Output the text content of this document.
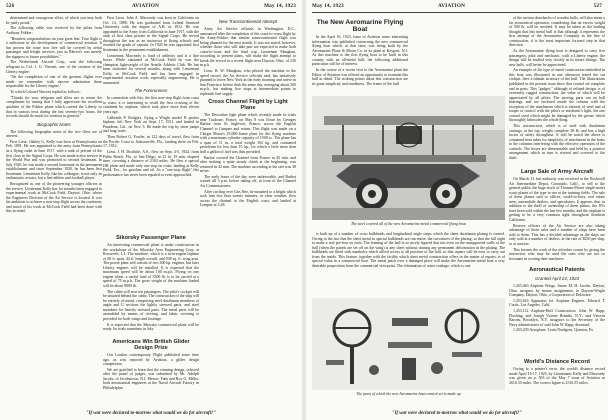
526	AVIATION	May 14, 1923

determined and courageous effort, of which you may both be justly proud."

The following cable was received by the pilots from Anthony Fokker:

"Heartiest congratulations on your great feat. Your flight is a milestone in the development of commercial aviation. It has proven the route now free will be covered by aerial passenger and freight services, just as Bleriot's was merely the signpost to future possibilities."

The Netherlands Aircraft Corp., sent the following telegram to Col. J. G. Vincent, one of the creators of the Liberty engine:

"On the completion of one of the greatest flights ever made we remember with sincere admiration those responsible for the Liberty engine."

To which Colonel Vincent replied as follows:

"Thanks for your telegram and allow me to return the compliment by stating that I fully appreciate the excellent qualities of the Fokker plane which carried the Liberty so that in various tests during the last seventy-two hours, the records should do much for aviation in general."

Biographic Notes

The following biographic notes of the two fliers are of interest:

First Lieut. Oakley G. Kelly was born at Pennsylvania on Feb. 1891. He was appointed to the army from Pennsylvania as a flying cadet in June 1917, with a rank of private of the first class in the Signal Corps. He was made active service in the World War and was promoted to second lieutenant. In July 1920, he was made a second lieutenant in the permanent establishment and since September 1920, he has been first lieutenant. Lieutenant Kelly, like his colleague, is not only an enthusiastic aviator, but a fine athlete and football player.

Recognized as one of the pioneering younger officers in the service. Lieutenant Kelly has for months been engaged in experimental work at McCook Field, Dayton, Ohio, where the Engineers Division of the Air Service is located. It was his ambition to achieve a non-stop flight across the continent, and much of his work at McCook Field had been done with this in mind.

First Lieut. John A. Macready was born in California on Oct. 14, 1888. He was graduated from Leland Stanford University with the degree of A.B. in 1912. He was appointed to the Army from California in June 1917, with the rank of first class private in the Signal Corps. He served throughout the war as an instructor at flying schools and reached the grade of captain. In 1920 he was appointed first lieutenant in the permanent establishment.

Lieutenant Macready is fond of athletics and is a fine boxer. While stationed at McCook Field he was the champion lightweight of the Seattle Athletic Club. He has been stationed for several months, along with Lieutenant Kelly, at McCook Field and has been engaged in experimental aviation work, especially engineering. He is unmarried.

The Forerunners

In connection with this, the first non-stop flight from coast to coast, it is interesting to recall the first crossing of the continent by airplane, which took place more than eleven years ago.

Calbraith P. Rodgers, flying a Wright model B pusher biplane, left New York on Sept. 17, 1911, and landed in Pasadena, Cal., on Nov. 5. He made the trip by short jumps and long waits.

Then Robert G. Fowler, in 122 days of travel, flew from the Pacific Coast to Jacksonville, Fla., landing there on Feb. 17, 1912.

Lieut. J. H. Doolittle, A.S., flew on Sept. 4-5, 1922, from Pablo Beach, Fla., to San Diego, in 21 hr. 19 min. elapsed time, covering a distance of 2163 miles. He flew a special DH plane and made only one stop en route, landing at Kelly Field, Tex., for gasoline and oil. As a "one-stop flight" this performance has never been equaled or even approached.

New Transcontinental Attempt

Army Air Service officials in Washington, D.C., announced after the completion of the coast-to-coast flight by the Army-Fokker that similar transcontinental flight was being planned for the next month. It was not stated, however, whether those who will take part are expected to make both coast-to-coast and the final trip. Lieutenant Maughan, according to present plans, will make the flight attempt to break the record in a recent flight near Dayton, Ohio, of 236 m.p.h.

Lieut. R. W. Maughan, who piloted the machine in the speed record, the Air Service officials said, has tentatively planned to leave New York in the early morning and arrive in San Francisco before dark the same day, averaging about 200 m.p.h., but making five stops at intermediate points to replenish fuel supply.

Cross Channel Flight by Light Plane

The Dewoitine light plane which recently made its trials near Toulouse, France, on May 8 was flown by Georges Barbot from St. Inglevert, France, across the English Channel to Lympne and return. This flight was made on a Clerget Moire's 25,000-frame plant for the flying machine with a maximum cylinder capacity of 1500 cc. The plane has a span of 11 m, a total weight 102 kg, and consumed petroleum for less than 15 hp., for which a little more than half a gallon of fuel was thus provided.

Barbot crossed the Channel from France in 45 min. and after making a quite steady climb at the beginning, was returned in 42 min. The machine ascending at the rate was 38 m/sec.

The early hours of the day were unfavorable, and Barbot waited till 3 p.m. before taking off, in front of the Channel Air Commissioners.

After circling over Gris Nez, he mounted to a height which took him less than twenty minutes, in clear weather, flew across the channel to the English coast, and landed at Lympne at 3:28.

Sikorsky Passenger Plane

An interesting commercial plane is under construction in the workshops of the Sikorsky Aero Engineering Corp. at Roosevelt, L.I. The machine, which is a twin-engine biplane of 68 ft. span, 44 ft. length overall, and 938 sq. ft. wing area. The power plant will consist of two 300 hp. engines, but later Liberty engines will be installed. It is expected that the maximum speed will be about 100 m.p.h. Flying on one engine alone, a useful load of 3500 lb. is to be carried at a speed of 75 m.p.h. The gross weight of the machine loaded will be about 9000 lb.

The cabin will seat ten passengers. The pilot's cockpit will be situated behind the cabin. The construction of the ship will be entirely of metal, comprising steel duralumin members of angle and U sections the lightly stressed parts, and steel members for heavily stressed parts. The metal parts will be assembled by means of riveting, and fabric covering is provided for both wings and fuselage.

It is expected that the Sikorsky commercial plane will be ready for trials sometime in July.

Americans Win British Glider Design Prize

Our London contemporary Flight published some time ago, as was reported by Aviation, a glider design competition.

We are gratified to learn that the winning design, selected after the panel of judges, was submitted by Mr. Adolph Jacobs, of Jacobstown, N.J. Messrs. Fahs and Roy G. Miller, both aeronautical engineers at the Naval Aircraft Factory in Philadelphia.

"If war were declared to-morrow what would we do for aircraft?"
May 14, 1923	AVIATION	527
The New Aeromarine Flying Boat

In the April 16, 1923, issue of Aviation some interesting information was published concerning the new commercial flying boat which, at that time, was being built by the Aeromarine Plane & Motor Co. in its plant at Keyport, N.J. As this machine is the first flying boat to be built in this country with an all-metal hull, the following additional particulars will be of interest.

In the course of a recent visit to the Aeromarine plant the Editor of Aviation was offered an opportunity to examine this hull in detail. The striking points about this construction are its great simplicity and sturdiness. The frame of the hull

The steel covered all of the new Aeromarine metal commercial flying boat

is built up of a number of cross bulkheads and longitudinal angle strips which the sheet duralumin plating is riveted. Owing to the fact that the sheet metal as special bulkheads are run entire, the curvatures of the plating, so that the full eight to make a real pre-tion on each. The framing of the hull is so nicely figured that not even on the unsupported walls of the hull (when the panels are set off on the wing) is any sheet without sinning any permanent deformation in the plating. The bulkheads are fitted with manholes which afford access to all portions of the hull, so that repairs will be easy to carry out from the inside. This feature, together with the facility which sheet metal construction offers in the matter of repairs, is of special value in a commercial boat. The metal patch over a damaged place will make the Aeromarine metal boat a very desirable proposition from the commercial viewpoint. The elimination of water soakage, which is one

The parts of which the new Aeromarine boat control set is made up

of the serious drawbacks of wooden hulls, will also mean a far economical operation, considering that an excess weight of 500 lb. will be avoided. It may be taken as the leading thought that this metal hull is that although it represents the first attempt of the Aeromarine Company in the line of construction, it is the most important forward step in that direction.

As the Aeromarine flying boat is designed to carry five passengers, pilot and mechanic, with a Liberty engine, the design will be studied very closely in its future fittings. The new hulls, will better be appreciated.

An example of the type of metal construction embodied in this boat was illustrated in one afternoon tested the cut cockpit, here a tubular structure of the hull. The illustrations published in the present issue show that control set complete and in parts. This "gadget," although of refined design, is of extremely rugged construction, the value of which will be appreciated by all pilots. The moving parts run on ball bearings, and are enclosed inside the column with the exception of the attachment which is entirely of steel and of torque of control with the pilot's or mechanic's light, the one control used which might be damaged by the grease which thoroughly lubricates the whole thing.

This construction, which is of steel with duralumin castings, at the top, weighs complete 38 lb. and has a high factor of safety throughout. It will be noted the above is contained bent tubes for simplicity of attachment in the boats to the columns interfering with the effective operation of the controls. The boxes are demountable and held by a positive arrangement which in turn is riveted and screwed to the shaft.

Large Sale of Army Aircraft

On March 14 last authority was received at the Rockwell Air Intermediate Depot, Coronado, Calif., to sell to the general public the huge stock of Thomas-Morse single-seater scout planes of the type in use at the training fields. The sale of these planes said to offices, world-to-ferry, real estate men, automobile dealers, and speculators. It appears that, in addition to the thrill of ownership of these planes, the JN's have been sold within the last few months, and the airplane is getting to be a very common sight throughout Southern California.

Reserve officers of the Air Service are also taking advantage of these sales and a number of ships have been sold to them. This has a decided advantage as the ships are only sold at a number of dealers, at the rate of $250 per ship, or at auction.

This lessens the work of the refresher course by giving the instructors who may be used the ones who are not so fortunate in owning their machines.

Aeronautical Patents
Granted April 24, 1923

1,453,463 Airplane Wings. James M. H. Jacobs, Dayton, Ohio, assignor, by mesne assignments, to Dayton-Wright Company, Dayton, Ohio, a Corporation of Delaware.

1,453,616 Apparatus for Airplane Engines. Edward T. Curtis, Los Angeles, Calif.

1,453,112 Airplane-Hull Construction. John W. Rapp, Flushing, and Joseph Vicente Brandts, N.Y.; and Vincent Barons, Brooklyn, N.Y. assignors to the Secretary of the Navy administrator of said John W. Rapp, deceased.

1,453,239 Aeroplane. Louis Nordgren, Quinton, Pa.

World's Distance Record

Owing to a printer's error, the world's distance record made April 16-17, 1923, by Lieutenants Kelly and Macready was given on p. 503 of the May 7 issue of Aviation as 2616.35 miles. The correct figure is 2516.55 miles.

"If war were declared to-morrow what would we do for aircraft?"
